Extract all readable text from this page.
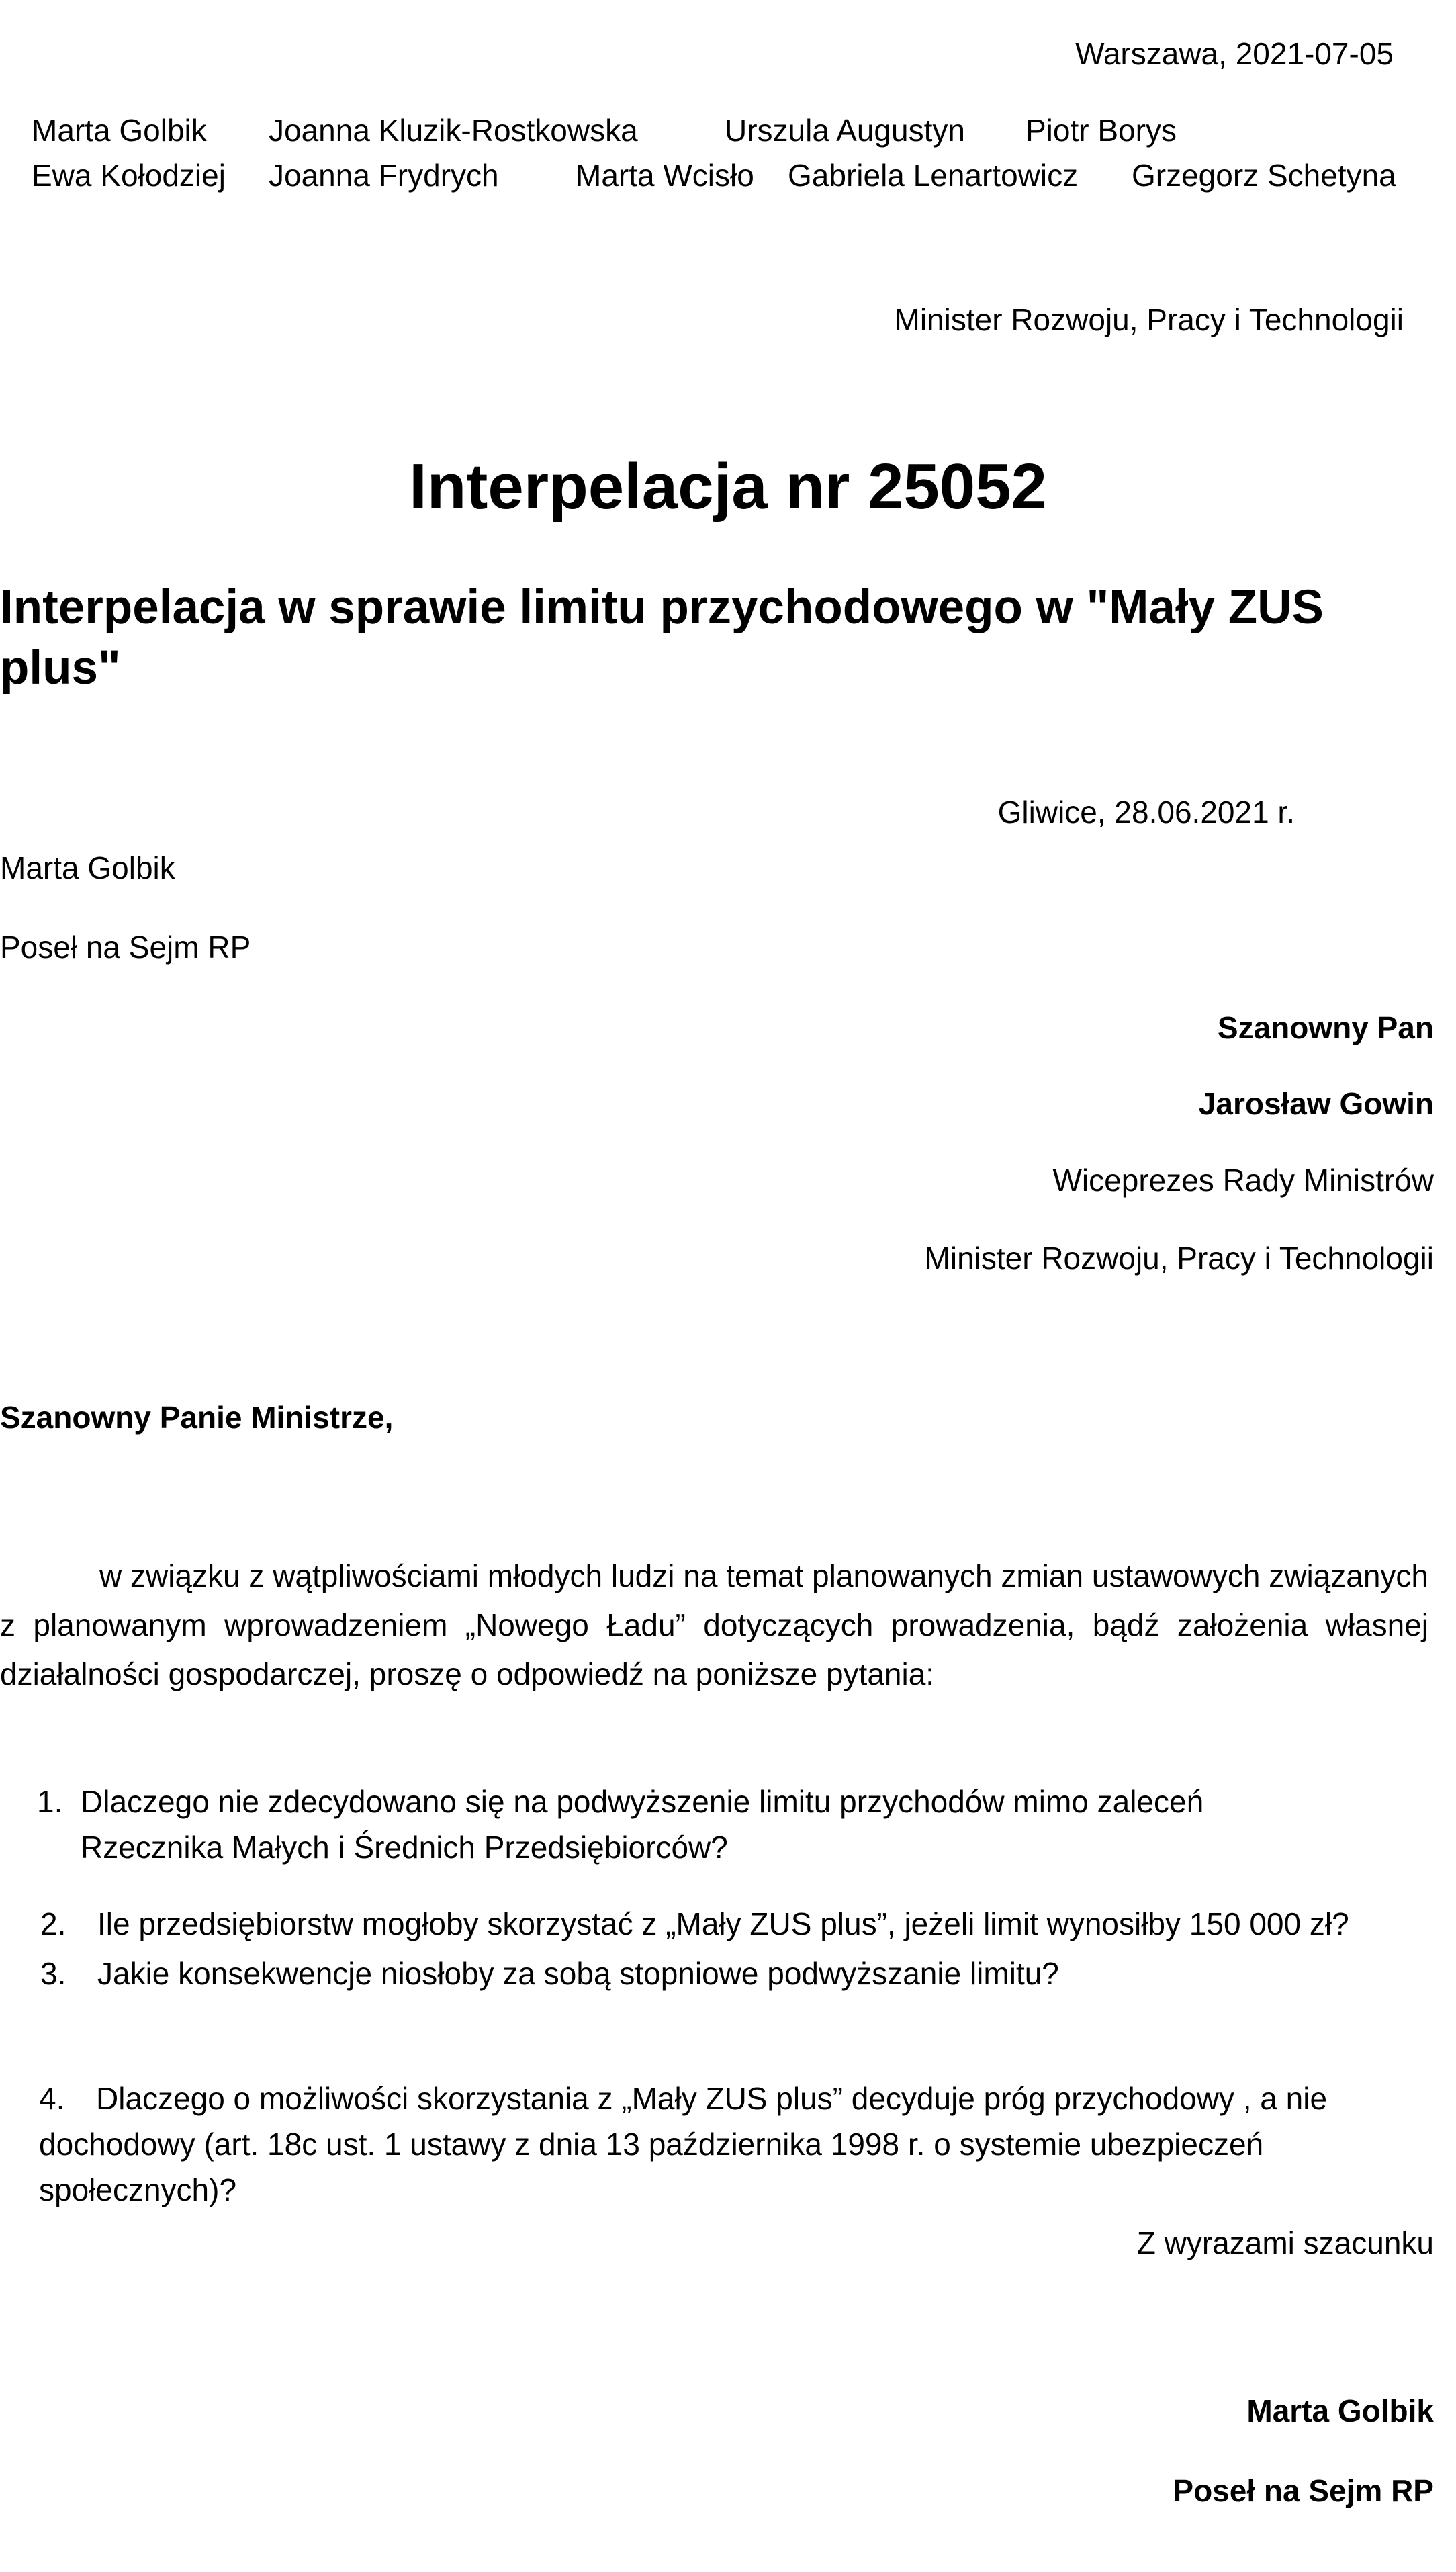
Warszawa, 2021-07-05
Marta Golbik Joanna Kluzik-Rostkowska	Urszula Augustyn Piotr Borys
Ewa Kołodziej Joanna Frydrych Marta Wcisło Gabriela Lenartowicz Grzegorz Schetyna
Minister Rozwoju, Pracy i Technologii
Interpelacja nr 25052
Interpelacja w sprawie limitu przychodowego w "Mały ZUS plus"
Gliwice, 28.06.2021 r.
Marta Golbik
Poseł na Sejm RP
Szanowny Pan
Jarosław Gowin
Wiceprezes Rady Ministrów
Minister Rozwoju, Pracy i Technologii
Szanowny Panie Ministrze,
w związku z wątpliwościami młodych ludzi na temat planowanych zmian ustawowych związanych z planowanym wprowadzeniem „Nowego Ładu” dotyczących prowadzenia, bądź założenia własnej działalności gospodarczej, proszę o odpowiedź na poniższe pytania:
1. Dlaczego nie zdecydowano się na podwyższenie limitu przychodów mimo zaleceń
Rzecznika Małych i Średnich Przedsiębiorców?
2. Ile przedsiębiorstw mogłoby skorzystać z „Mały ZUS plus”, jeżeli limit wynosiłby 150 000 zł?
3. Jakie konsekwencje niosłoby za sobą stopniowe podwyższanie limitu?
4. Dlaczego o możliwości skorzystania z „Mały ZUS plus” decyduje próg przychodowy , a nie
dochodowy (art. 18c ust. 1 ustawy z dnia 13 października 1998 r. o systemie ubezpieczeń
społecznych)?
Z wyrazami szacunku
Marta Golbik
Poseł na Sejm RP
